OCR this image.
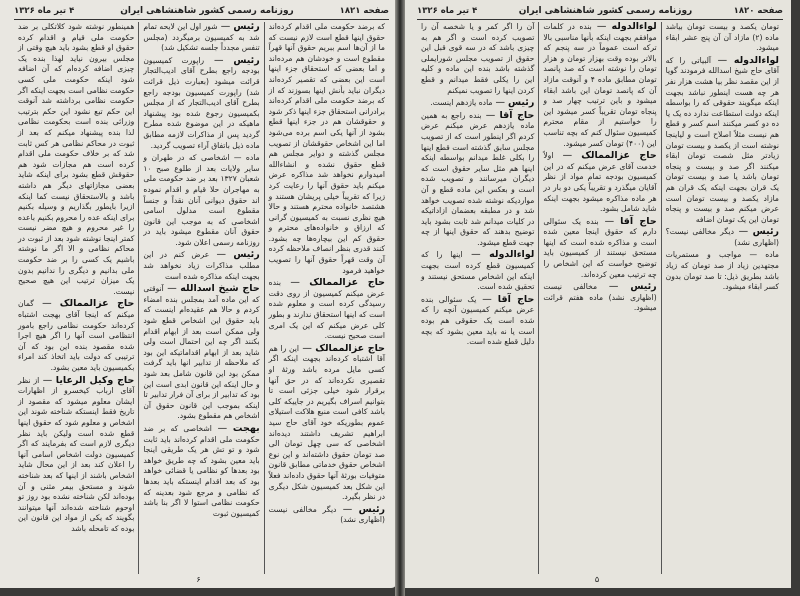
صفحه ۱۸۲۱
روزنامه رسمی کشور شاهنشاهی ایران
۴ تیر ماه ۱۳۲۶
که برضد حکومت ملی اقدام کرده‌اند حقوق اینها قطع است لازم نیست که ما از آن‌ها اسم ببریم حقوق آنها قهراً مقطوع است و خودشان هم مرده‌اند و اما بعضی که استحقاق جزء اینها است این بعضی که تقصیر کرده‌اند دیگران نباید بأنش اینها بسوزند که از که برضد حکومت ملی اقدام کرده‌اند برادرانی استحقاق جزء اینها ذکر شود و حقوقشان هم در جزء اینها قطع بشود از آنها یکی اسم برده‌ می‌شود اما این اشخاص حقوقشان از تصویب مجلس گذشته و دوایر مجلس هم قطع حقوق نشده و انشاءالله امیدوارم نخواهد شد مذاکره عرض میکنم باید حقوق آنها را رعایت کرد زیرا که تقریباً خیلی پریشان هستند و هشتصد خانواده محترم هستند و حالا هیچ نظری نسبت به کمیسیون گرانی که ارزاق و خانواده‌های محترم و حقوق کم این بیچاره‌ها چه بشود. کنند قدری بنظر انصاف ملاحظه کرده آن وقت قهراً حقوق آنها را تصویب خواهید فرمود
حاج عزالممالک — بنده عرض میکنم کمیسیون از روی دقت رسیدگی کرده است و معلوم شده است که اینها استحقاق ندارند و بطور کلی عرض میکنم که این یک امری است صحیح نیست.
حاج عزالممالک — این را هم آقا اشتباه کرده‌اند بجهت اینکه اگر کسی مایل مرده باشد ورثهٔ او تقصیری نکرده‌اند که در حق آنها برقرار شود خیلی جزئی است تا بتوانیم اسراف بگیریم در جاییکه کلی باشد کافی است منبع هلاکت استیلای عموم بطوریکه خود آقای حاج سید ابراهیم تشریف داشتند دیده‌اند اشخاصی که سی چهل تومان الی صد تومان حقوق داشته‌اند و این نوع اشخاص حقوق خدماتی مطابق قانون متوفیات بورثهٔ آنها حقوق داده‌اند فعلاً این شکل بعد کمیسیون شکل دیگری در نظر بگیرد.
رئیس — دیگر مخالفی نیست (اظهاری نشد)
رئیس — شور اول این لایحه تمام شد به کمیسیون برمیگردد (مجلس تنفس مجدداً جلسه تشکیل شد)
رئیس — راپورت کمیسیون بودجه راجع بطرح آقای ادیب‌التجار قرائت میشود (بعبارت ذیل قرائت شد) راپورت کمیسیون بودجه راجع بطرح آقای ادیب‌التجار که از مجلس بکمیسیون رجوع شده بود پیشنهاد ماهیکه در این موضوع شده مطرح گردید پس از مذاکرات لازمه مطابق ماده ذیل باتفاق آراء تصویب گردید.
ماده — اشخاصی که در طهران و سایر ولایات بعد از طلوع صبح ۱۰ شعبان ۱۳۲۷ بعد بر ضد حکومت ملی به مهاجران حلا قیام و اقدام نموده اند حقوق دیوانی آنان نقداً و جنساً مقطوع است مدلول اسامی اشخاصی که به موجب این قانون حقوق آنان مقطوع میشود باید در روزنامه رسمی اعلان شود.
رئیس — عرض کنم در این مطلب مذاکرات زیاد نخواهد شد بجهت اینکه مذاکره شده است
حاج شیخ اسدالله — آنوقتی که این ماده آمد بمجلس بنده امضاء کردم و حالا هم عقیده‌ام اینست که باید حقوق این اشخاص قطع شود ولی ممکن است بعد از ابهام اقدام بکنند اگر چه این احتمال است ولی شاید بعد از ابهام اقداماتیکه این بود که ملاحظه از تدابیر انها باید گرفت ممکن بود این قانون شامل بعد شود و حال اینکه این قانون ابدی است این بود که تدابیر از برای آن فرار تدابیر تا اینکه بموجب این قانون حقوق آن اشخاص هم مقطوع بشود.
بهجت — اشخاصی که بر ضد حکومت ملی اقدام کرده‌اند باید ثابت شود و تو تش هر یک طریقی اینجا باید معین بشود که چه طریق خواهد بود بعدها کو نظامی یا قضائی خواهد بود که بعد اقدام اینستکه باید بعدها که نظامی و مرجع شود بعدینه که حکومت نظامی استوا لا اگر بنا باشد کمیسیون ثبوت
همینطور نوشته شود کلاتکلی بر ضد حکومت ملی قیام و اقدام کرده حقوق او قطع بشود باید هیچ وقتی از مجلس بیرون نیاید لهذا بنده یک چیزی اضافه کرده‌ام که آن اضافه شود اینکه حکومت ملی کسی حکومت نظامی است بجهت اینکه اگر حکومت نظامی برداشته شد آنوقت این حکم تبع نشود این حکم بترتیب وزرائی بنده است بحکومت نظامی لذا بنده پیشنهاد میکنم که بعد از ثبوت در محاکم نظامی هر کس ثابت شد که بر خلاف حکومت ملی اقدام کرده است هم مجازات شود هم حقوقش قطع بشود برای اینکه شاید بعضی مجازاتهای دیگر هم داشته باشد و بالاستحقاق نیست کما اینکه ازیرا بایطور بگذاریم و وسیله بکنیم برای اینکه عده را محروم بکنیم باعده را غیر محروم و هیچ مضر نیست کمتر اینجا نوشته شود بعد از ثبوت در محاکم نظامی و الا اگر ما نوشته باشیم یک کسی را بر ضد حکومت ملی بدانیم و دیگری را ندانیم بدون یک میزان ترتیب این هیچ صحیح نیست.
حاج عزالممالک — گمان میکنم که اینجا آقای بهجت اشتباه کرده‌اند حکومت نظامی راجع بامور انتظامی است آنها را اگر هیچ اجرا شده مقصود بنده این بود که آن ترتیبی که دولت باید اتخاذ کند امراء بکمیسیون باید معین بشود.
حاج وکیل الرعایا — از نظر آقای ارباب کیخسرو از اظهارات ایشان معلوم میشود که مقصود از تاریخ فقط اینستکه شناخته شوند این اشخاص و معلوم شود که حقوق اینها قطع شده است ولیکن باید نظر دیگری لازم است که بفرمایند که اگر کمیسیون دولت اشخاص اسامی آنها را اعلان کند بعد از این محال شاید اشخاص باشند از اینها که بعد شناخته شوند و مستحق بیمر مثنی و آن بوده‌اند لکن شناخته نشده بود روز تو اوحوم شناخته شده‌اند آنها میتوانند بگویند که یکی از مواد این قانون این بوده که تامحله باشد
۶
صفحه ۱۸۲۰
روزنامه رسمی کشور شاهنشاهی ایران
۴ تیر ماه ۱۳۲۶
تومان یکصد و بیست تومان بیاشد ماده (۲) مازاد آن آن پنج عشر ابقاء میشود.
لواءالدوله — آلبیاتی را که آقای حاج شیخ اسدالله فرمودند گویا از این مقصد نظر بیا هشت هزار نفر هر چه هست اینطور نباشد بجهت اینکه میگویند حقوقی که را بواسطه اینکه دولت استطاعت ندارد ده یک یا ده دو کسر میکنند اسم کسر و قطع هم نیست مثلاً اصلاح است و لیاینجا نوشته است از یکصد و بیست تومان زیادتر مثل شصت تومان ابقاء میکنند اگر صد و بیست و پنجاه تومان باشد یا صد و بیست تومان یک قران بجهت اینکه یک قران هم مازاد یکصد و بیست تومان است عرض میکنم صد و بیست و پنجاه تومان این یک تومان اضافه
رئیس — دیگر مخالفی نیست؟ (اظهاری نشد)
ماده — مواجب و مستمریات مجتهدین زیاد از صد تومان که زیاد باشد بطریق ذیل: تا صد تومان بدون کسر ابقاء میشود.
لواءالدوله — بنده در کلمات موافقم بجهت اینکه بأنها مناسبی بالا ترکه است عموماً در سه پنجم که بالاتر بوده وقت بهزار تومان و هزار تومان را نوشته است که صد پانصد تومان مطابق ماده ۴ و آنوقت مازاد آن که پانصد تومان این باشد ابقاء میشود و باین ترتیب چهار صد و پنجاه تومان تقریباً کسر میشود این را خواستیم از مقام محترم کمیسیون سئوال کنم که بچه تناسب این (۴۰۰) تومان کسر میشود.
حاج عزالممالک — اولاً خدمت آقای عرض میکنم که در این کمیسیون بودجه تمام مواد از نظر آقایان میگذرد و تقریباً یکی دو بار در هر ماده مذاکره میشود بجهت اینکه شاید شامل بشود.
حاج آقا — بنده یک سئوالی دارم که حقوق اینجا معین شده است و مذاکره شده است که اینها مستحق نیستند از کمیسیون باید توضیح خواست که این اشخاص را چه ترتیب معین کرده‌اند.
رئیس — مخالفی نیست (اظهاری نشد) ماده هفتم قرائت میشود.
آن را اگر کمر و یا شخصه آن را تصویب کرده است و اگر هم به چیزی باشد که در سه قوی قبل این حقوق از تصویب مجلس شورایملی گذشته باشد بنده این ماده و کلیه این را یکلی فقط میدانم و قطع کردن اینها را تصویب نمیکنم
رئیس — ماده یازدهم اینست.
حاج آقا — بنده راجع به همین ماده یازدهم عرض میکنم عرض کردم اگر اینطور است که از تصویب مجلس سابق گذشته است قطع اینها را بکلی غلط میدانم بواسطه اینکه اینها هم مثل سایر حقوق است که دیگران میرسانند و تصویب شده است و بعکس این ماده قطع و آن مواردیکه نوشته شده تصویب خواهد شد و در مطبقه بعضمان ازاداتیکه در کلیات میدانم شد ثابت بشود باید توضیح بدهند که حقوق اینها از چه جهت قطع میشود.
لواءالدوله — اینها را که کمیسیون قطع کرده است بجهت اینکه این اشخاص مستحق نیستند و تحقیق شده است.
حاج آقا — یک سئوالی بنده عرض میکنم کمیسیون آنچه را که شده است یک حقوقی هم بوده است یا نه باید معین بشود که بچه دلیل قطع شده است.
۵
